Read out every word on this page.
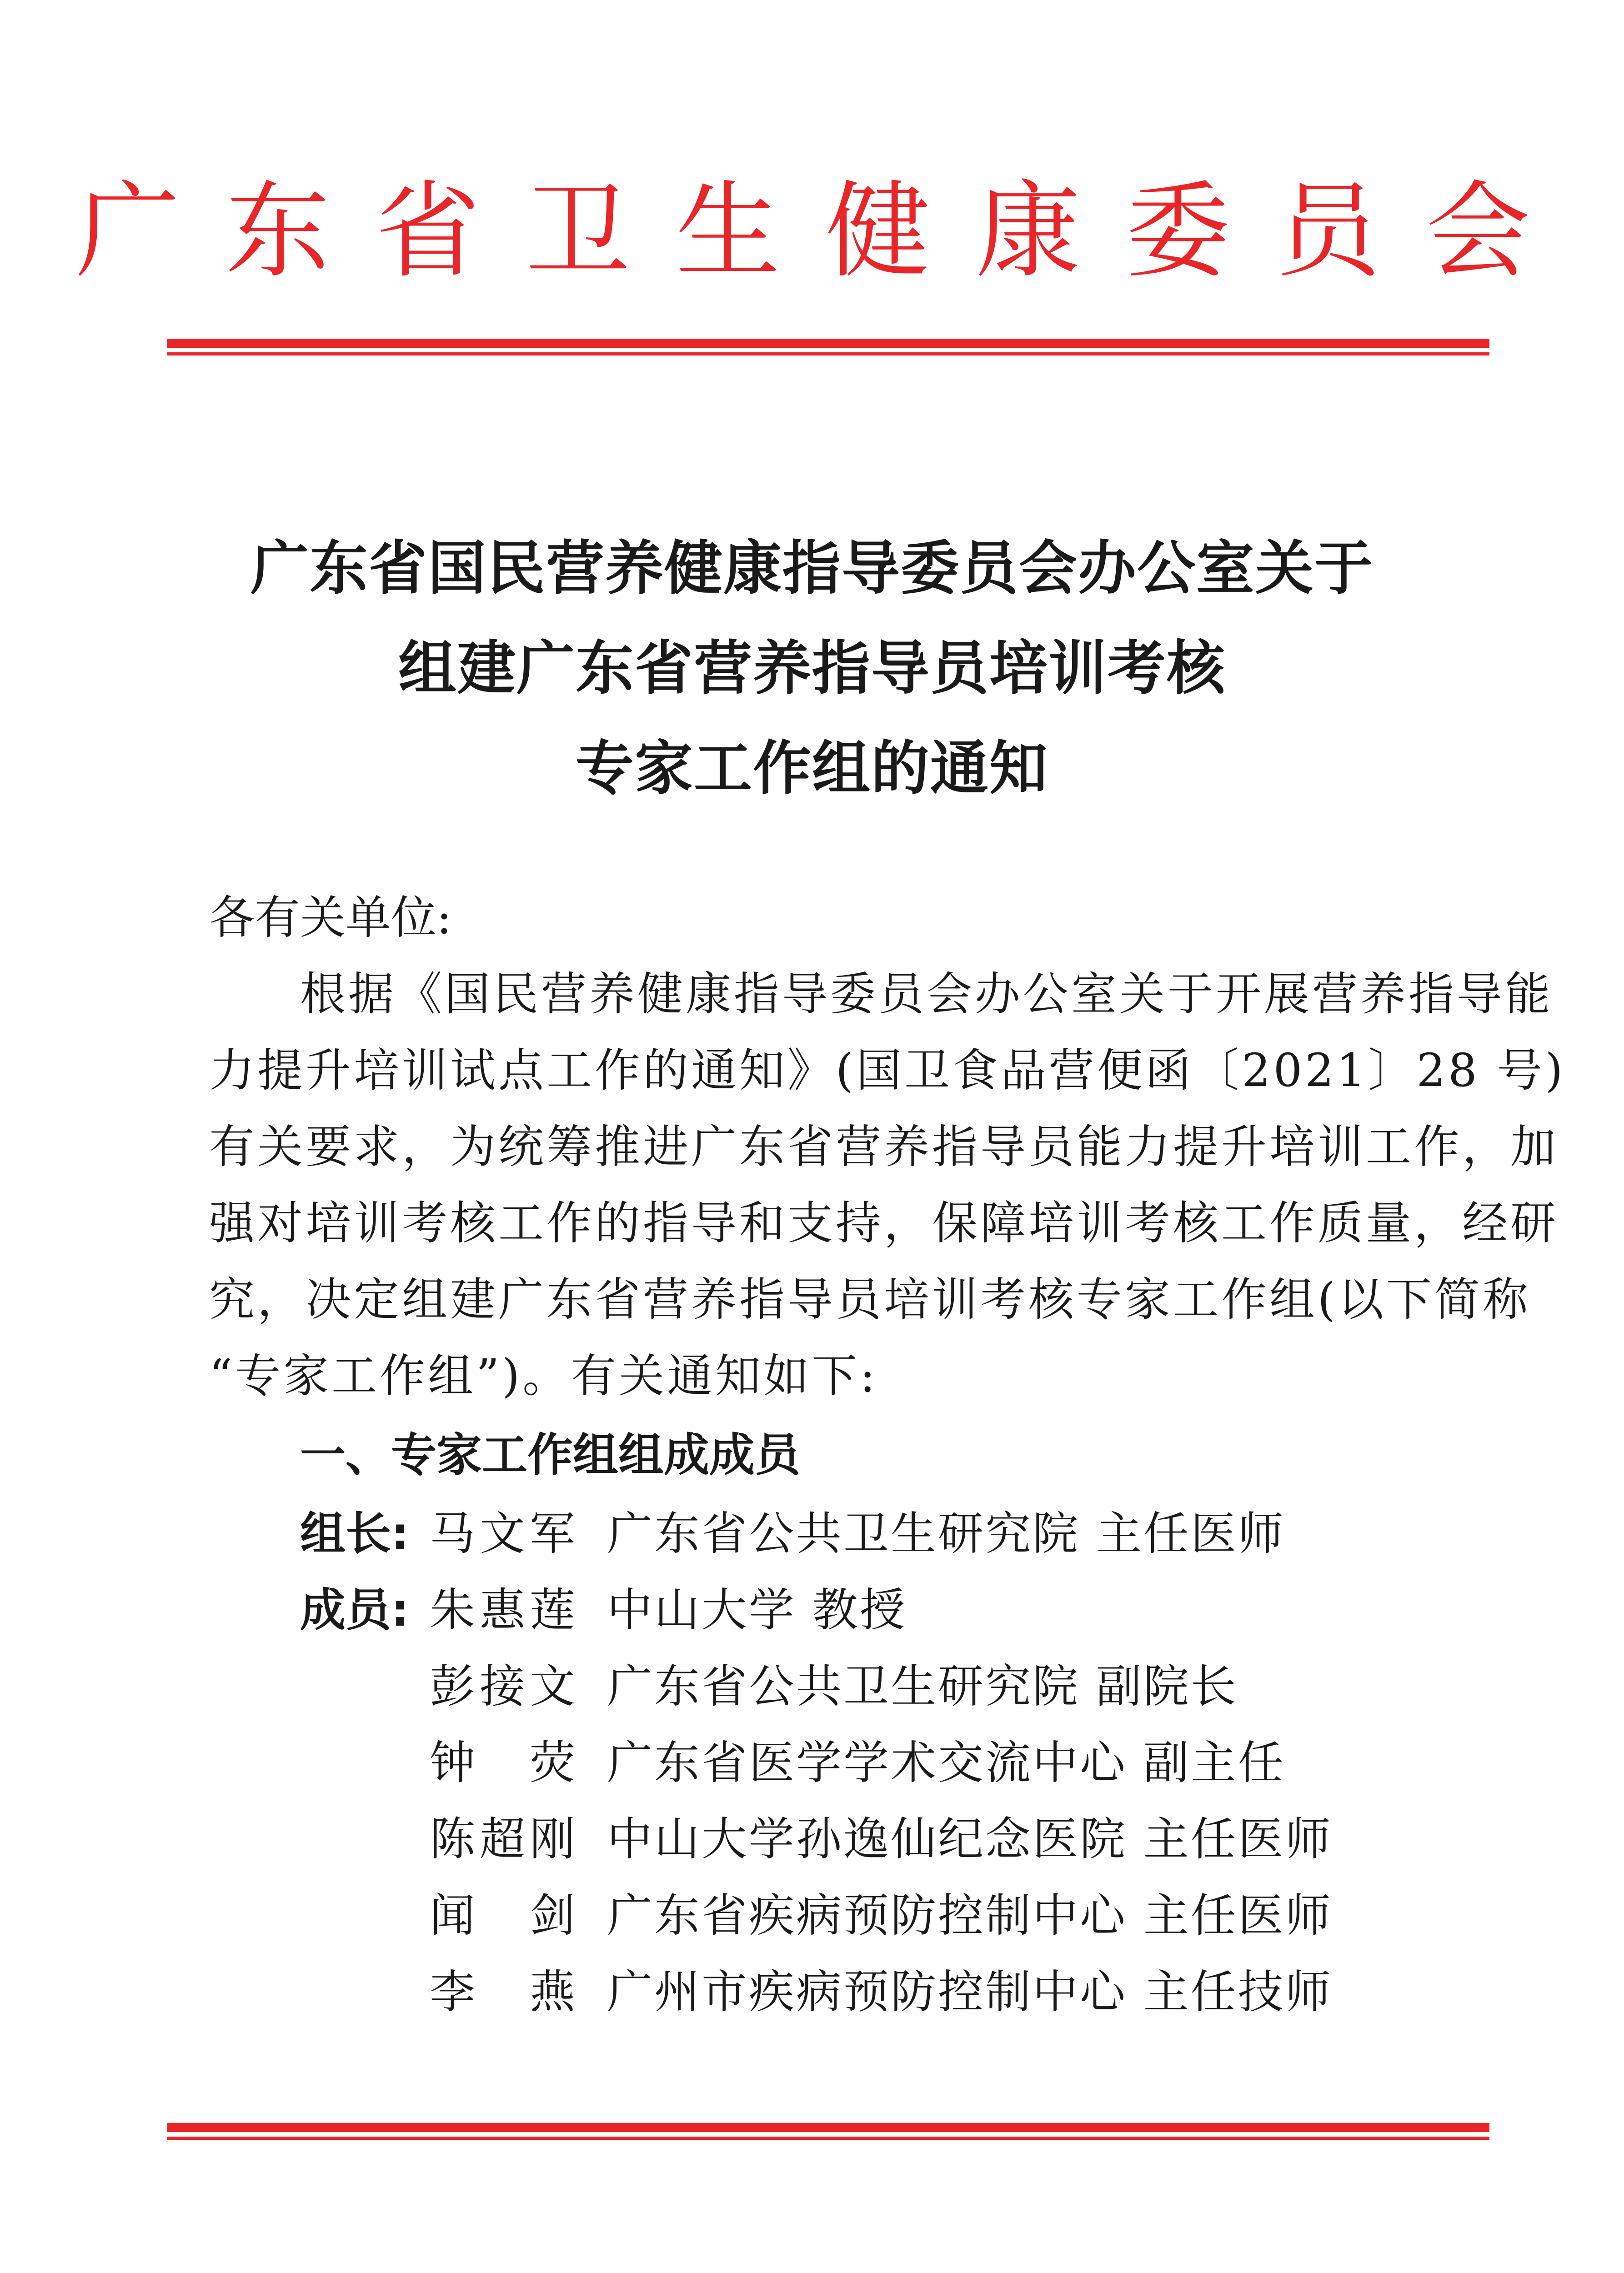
广东省卫生健康委员会
广东省国民营养健康指导委员会办公室关于
组建广东省营养指导员培训考核
专家工作组的通知
各有关单位:
根据《国民营养健康指导委员会办公室关于开展营养指导能
力提升培训试点工作的通知》(国卫食品营便函〔2021〕28 号)
有关要求，为统筹推进广东省营养指导员能力提升培训工作，加
强对培训考核工作的指导和支持，保障培训考核工作质量，经研
究，决定组建广东省营养指导员培训考核专家工作组(以下简称
“专家工作组”)。有关通知如下:
一、专家工作组组成成员
组长: 马文军 广东省公共卫生研究院 主任医师
成员: 朱惠莲 中山大学 教授
彭接文 广东省公共卫生研究院 副院长
钟　荧 广东省医学学术交流中心 副主任
陈超刚 中山大学孙逸仙纪念医院 主任医师
闻　剑 广东省疾病预防控制中心 主任医师
李　燕 广州市疾病预防控制中心 主任技师
